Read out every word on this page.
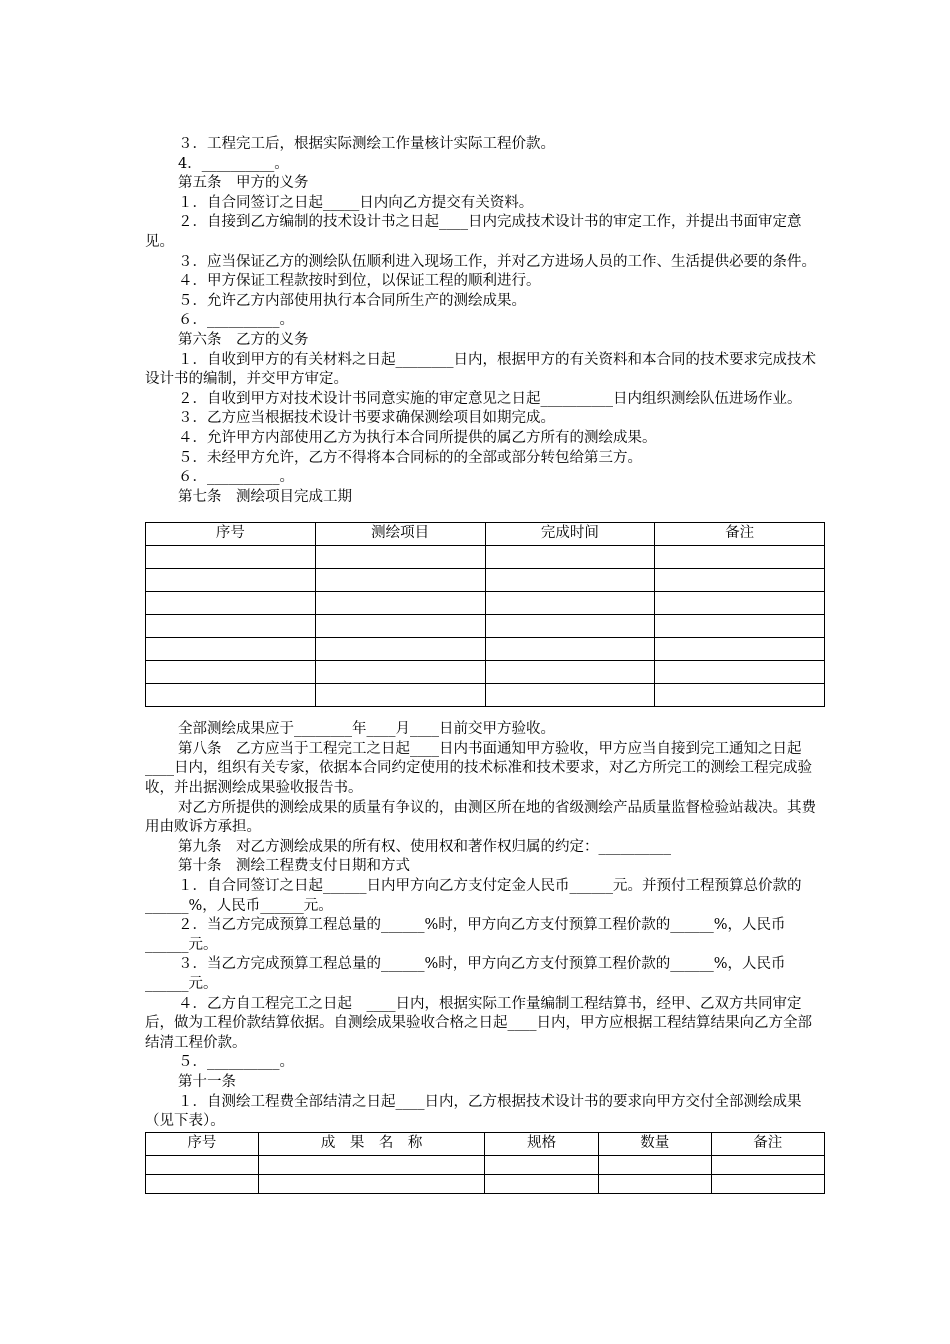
３．工程完工后，根据实际测绘工作量核计实际工程价款。

4．__________。

第五条　甲方的义务

１．自合同签订之日起_____日内向乙方提交有关资料。

２．自接到乙方编制的技术设计书之日起____日内完成技术设计书的审定工作，并提出书面审定意见。

３．应当保证乙方的测绘队伍顺利进入现场工作，并对乙方进场人员的工作、生活提供必要的条件。

４．甲方保证工程款按时到位，以保证工程的顺利进行。

５．允许乙方内部使用执行本合同所生产的测绘成果。

６．__________。

第六条　乙方的义务

１．自收到甲方的有关材料之日起________日内，根据甲方的有关资料和本合同的技术要求完成技术设计书的编制，并交甲方审定。

２．自收到甲方对技术设计书同意实施的审定意见之日起__________日内组织测绘队伍进场作业。

３．乙方应当根据技术设计书要求确保测绘项目如期完成。

４．允许甲方内部使用乙方为执行本合同所提供的属乙方所有的测绘成果。

５．未经甲方允许，乙方不得将本合同标的的全部或部分转包给第三方。

６．__________。

第七条　测绘项目完成工期

序号	测绘项目	完成时间	备注

全部测绘成果应于________年____月____日前交甲方验收。

第八条　乙方应当于工程完工之日起____日内书面通知甲方验收，甲方应当自接到完工通知之日起____日内，组织有关专家，依据本合同约定使用的技术标准和技术要求，对乙方所完工的测绘工程完成验收，并出据测绘成果验收报告书。

对乙方所提供的测绘成果的质量有争议的，由测区所在地的省级测绘产品质量监督检验站裁决。其费用由败诉方承担。

第九条　对乙方测绘成果的所有权、使用权和著作权归属的约定：__________

第十条　测绘工程费支付日期和方式

１．自合同签订之日起______日内甲方向乙方支付定金人民币______元。并预付工程预算总价款的______%，人民币______元。

２．当乙方完成预算工程总量的______%时，甲方向乙方支付预算工程价款的______%，人民币______元。

３．当乙方完成预算工程总量的______%时，甲方向乙方支付预算工程价款的______%，人民币______元。

４．乙方自工程完工之日起　____日内，根据实际工作量编制工程结算书，经甲、乙双方共同审定后，做为工程价款结算依据。自测绘成果验收合格之日起____日内，甲方应根据工程结算结果向乙方全部结清工程价款。

５．__________。

第十一条

１．自测绘工程费全部结清之日起____日内，乙方根据技术设计书的要求向甲方交付全部测绘成果（见下表）。

序号	成　果　名　称	规格	数量	备注
